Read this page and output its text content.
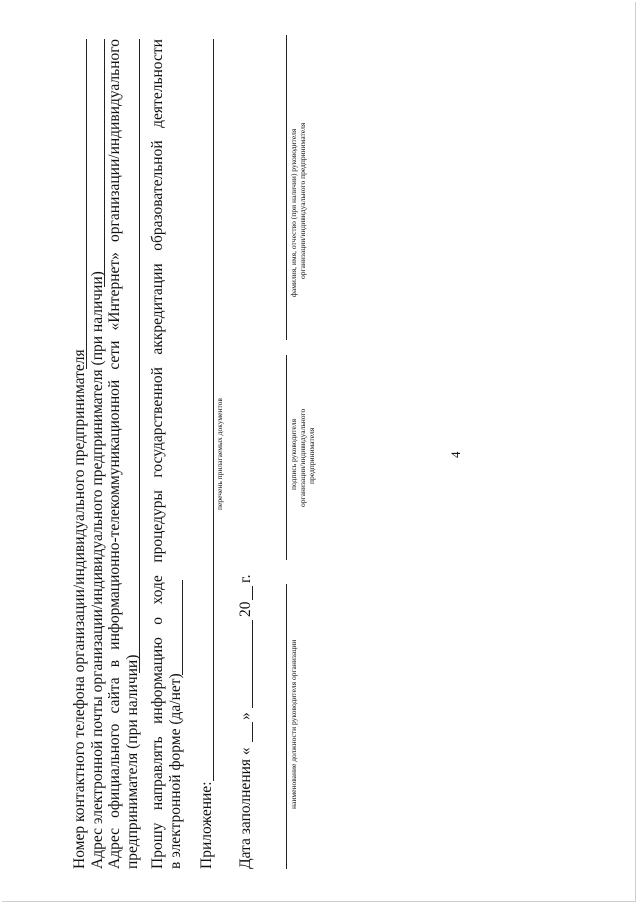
4
Номер контактного телефона организации/индивидуального предпринимателя Адрес электронной почты организации/индивидуального предпринимателя (при наличии) Адрес
официального
сайта
в
информационно-телекоммуникационной
сети
«Интернет»
организации/индивидуального
предпринимателя (при наличии) Прошу
направлять
информацию
о
ходе
процедуры
государственной
аккредитации
образовательной
деятельности
в электронной форме (да/нет) Приложение:
перечень прилагаемых документов
Дата заполнения «
»
20
г.
наименование должности руководителя организации
подпись руководителя организации/индивидуального предпринимателя
фамилия, имя, отчество (при наличии) руководителя организации/индивидуального предпринимателя
